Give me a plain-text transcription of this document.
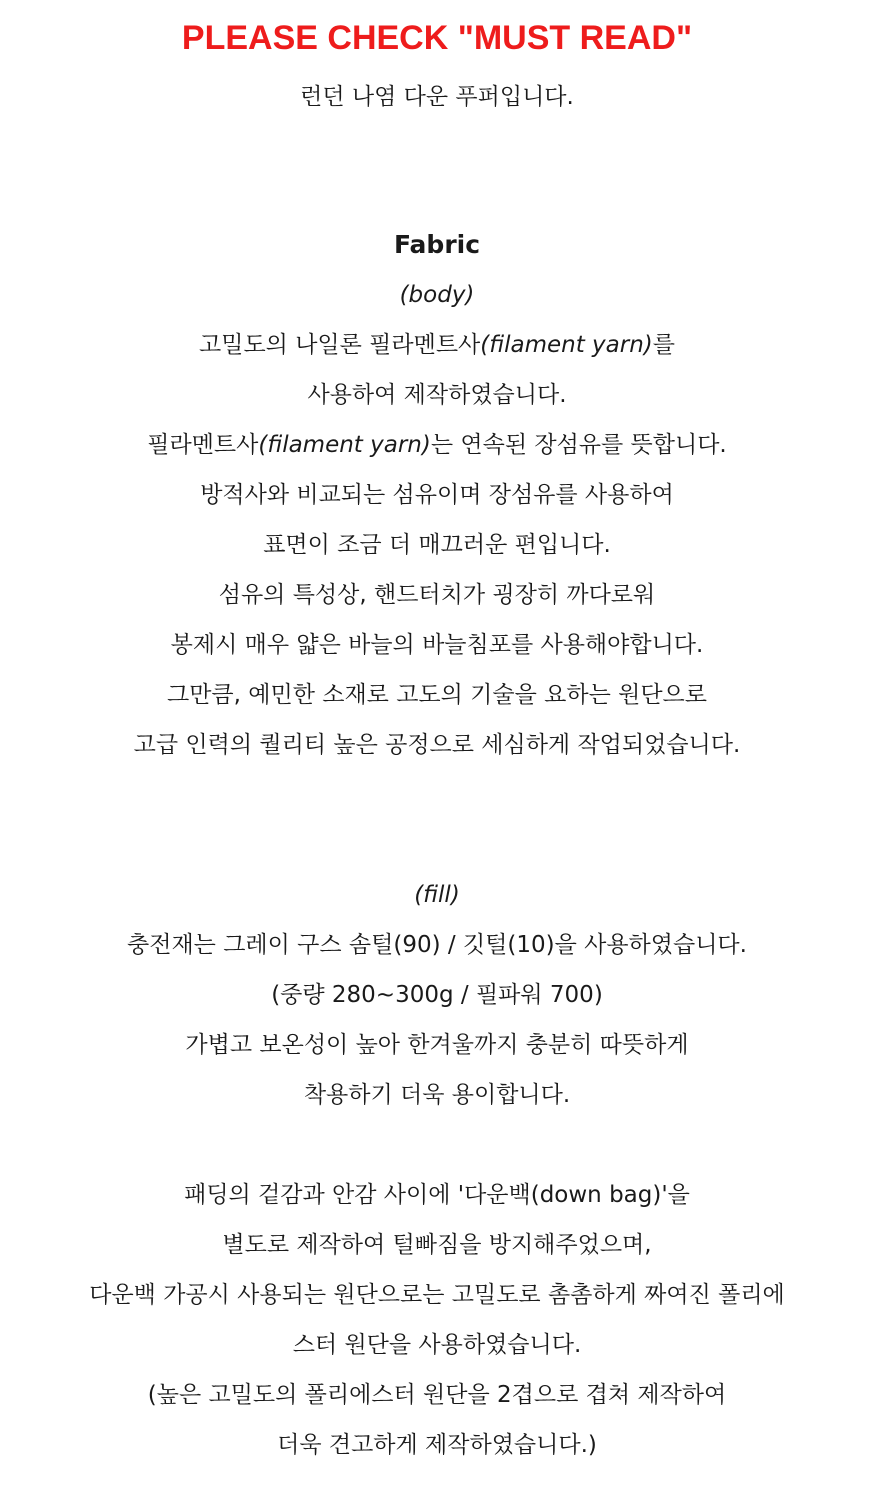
PLEASE CHECK "MUST READ"
런던 나염 다운 푸퍼입니다.
Fabric
(body)
고밀도의 나일론 필라멘트사(filament yarn)를
사용하여 제작하였습니다.
필라멘트사(filament yarn)는 연속된 장섬유를 뜻합니다.
방적사와 비교되는 섬유이며 장섬유를 사용하여
표면이 조금 더 매끄러운 편입니다.
섬유의 특성상, 핸드터치가 굉장히 까다로워
봉제시 매우 얇은 바늘의 바늘침포를 사용해야합니다.
그만큼, 예민한 소재로 고도의 기술을 요하는 원단으로
고급 인력의 퀄리티 높은 공정으로 세심하게 작업되었습니다.
(fill)
충전재는 그레이 구스 솜털(90) / 깃털(10)을 사용하였습니다.
(중량 280~300g / 필파워 700)
가볍고 보온성이 높아 한겨울까지 충분히 따뜻하게
착용하기 더욱 용이합니다.
패딩의 겉감과 안감 사이에 '다운백(down bag)'을
별도로 제작하여 털빠짐을 방지해주었으며,
다운백 가공시 사용되는 원단으로는 고밀도로 촘촘하게 짜여진 폴리에
스터 원단을 사용하였습니다.
(높은 고밀도의 폴리에스터 원단을 2겹으로 겹쳐 제작하여
더욱 견고하게 제작하였습니다.)
